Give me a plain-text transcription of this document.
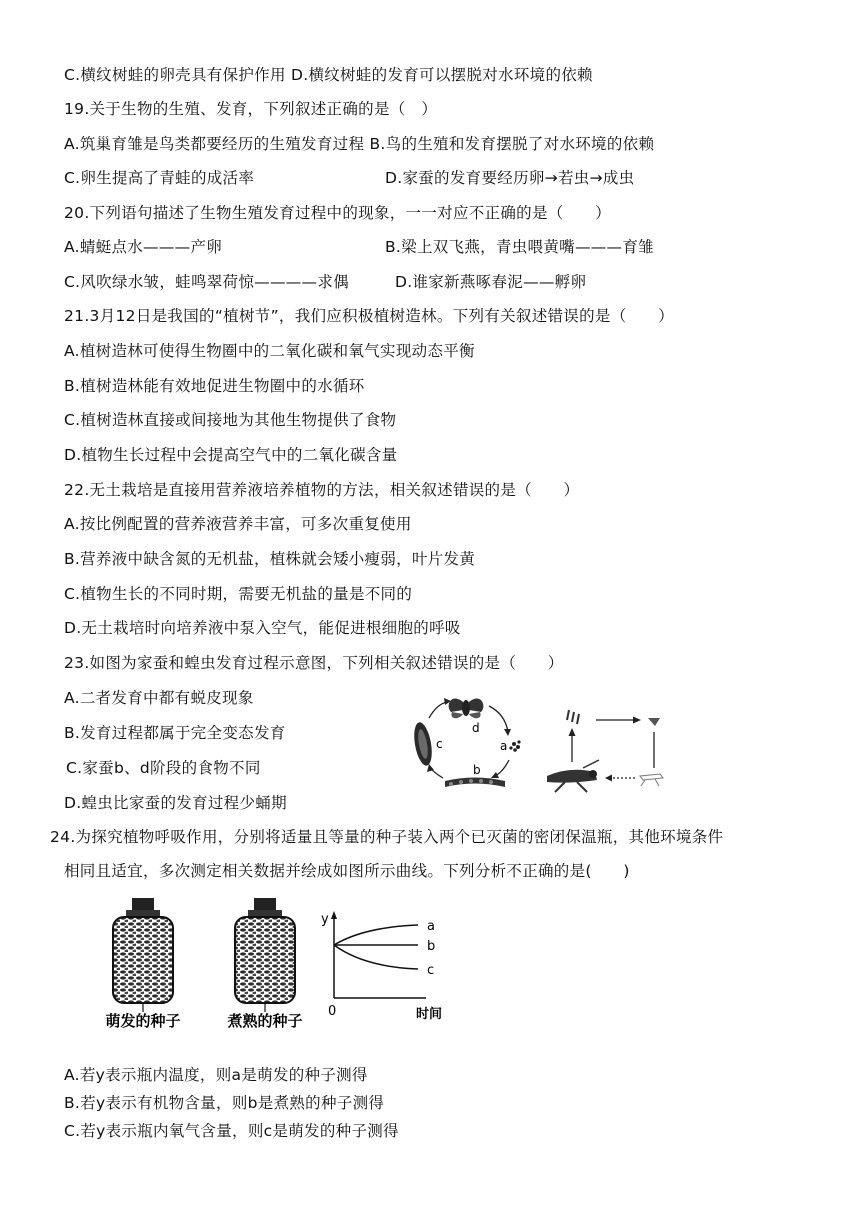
C.横纹树蛙的卵壳具有保护作用 D.横纹树蛙的发育可以摆脱对水环境的依赖
19.关于生物的生殖、发育，下列叙述正确的是（　）
A.筑巢育雏是鸟类都要经历的生殖发育过程 B.鸟的生殖和发育摆脱了对水环境的依赖
C.卵生提高了青蛙的成活率	D.家蚕的发育要经历卵→若虫→成虫
20.下列语句描述了生物生殖发育过程中的现象，一一对应不正确的是（　　）
A.蜻蜓点水———产卵	B.梁上双飞燕，青虫喂黄嘴———育雏
C.风吹绿水皱，蛙鸣翠荷惊————求偶	D.谁家新燕啄春泥——孵卵
21.3月12日是我国的“植树节”，我们应积极植树造林。下列有关叙述错误的是（　　）
A.植树造林可使得生物圈中的二氧化碳和氧气实现动态平衡
B.植树造林能有效地促进生物圈中的水循环
C.植树造林直接或间接地为其他生物提供了食物
D.植物生长过程中会提高空气中的二氧化碳含量
22.无土栽培是直接用营养液培养植物的方法，相关叙述错误的是（　　）
A.按比例配置的营养液营养丰富，可多次重复使用
B.营养液中缺含氮的无机盐，植株就会矮小瘦弱，叶片发黄
C.植物生长的不同时期，需要无机盐的量是不同的
D.无土栽培时向培养液中泵入空气，能促进根细胞的呼吸
23.如图为家蚕和蝗虫发育过程示意图，下列相关叙述错误的是（　　）
A.二者发育中都有蜕皮现象
B.发育过程都属于完全变态发育
C.家蚕b、d阶段的食物不同
D.蝗虫比家蚕的发育过程少蛹期
24.为探究植物呼吸作用，分别将适量且等量的种子装入两个已灭菌的密闭保温瓶，其他环境条件
相同且适宜，多次测定相关数据并绘成如图所示曲线。下列分析不正确的是(　　)
A.若y表示瓶内温度，则a是萌发的种子测得
B.若y表示有机物含量，则b是煮熟的种子测得
C.若y表示瓶内氧气含量，则c是萌发的种子测得
d
c	a
b
萌发的种子	煮熟的种子
y
0	时间
a
b
c
